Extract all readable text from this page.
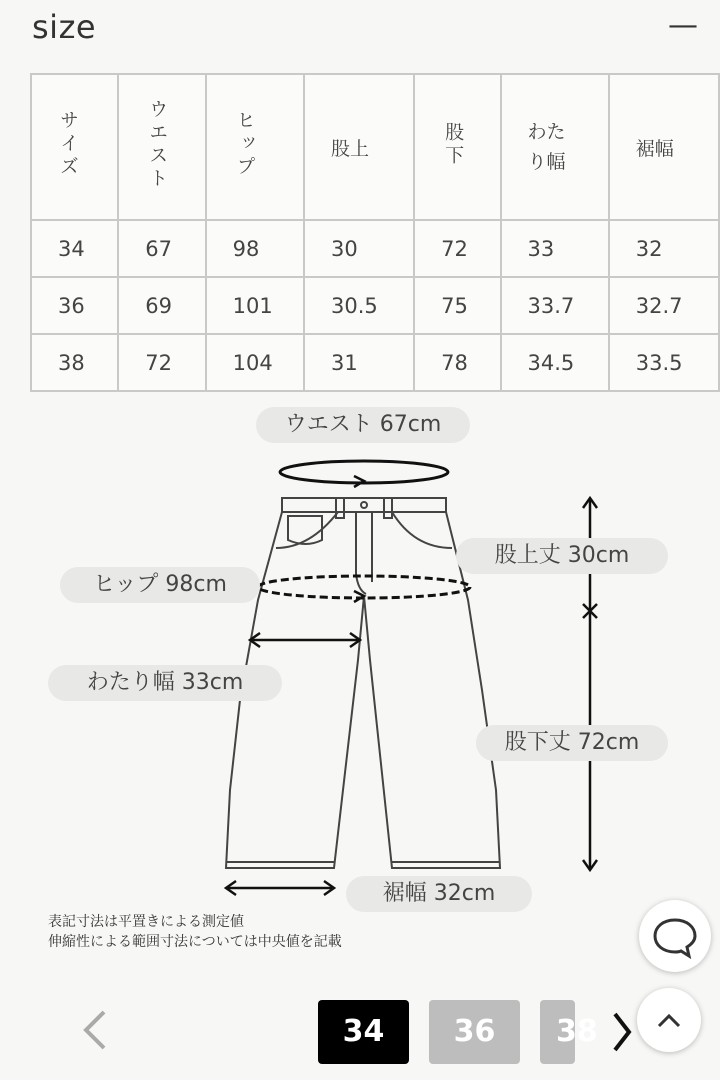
size	—
サイズ	ウエスト	ヒップ	股上	股下	わたり幅	裾幅
34	67	98	30	72	33	32
36	69	101	30.5	75	33.7	32.7
38	72	104	31	78	34.5	33.5
ウエスト 67cm
股上丈 30cm
ヒップ 98cm
わたり幅 33cm
股下丈 72cm
裾幅 32cm
表記寸法は平置きによる測定値
伸縮性による範囲寸法については中央値を記載
34	36	38
